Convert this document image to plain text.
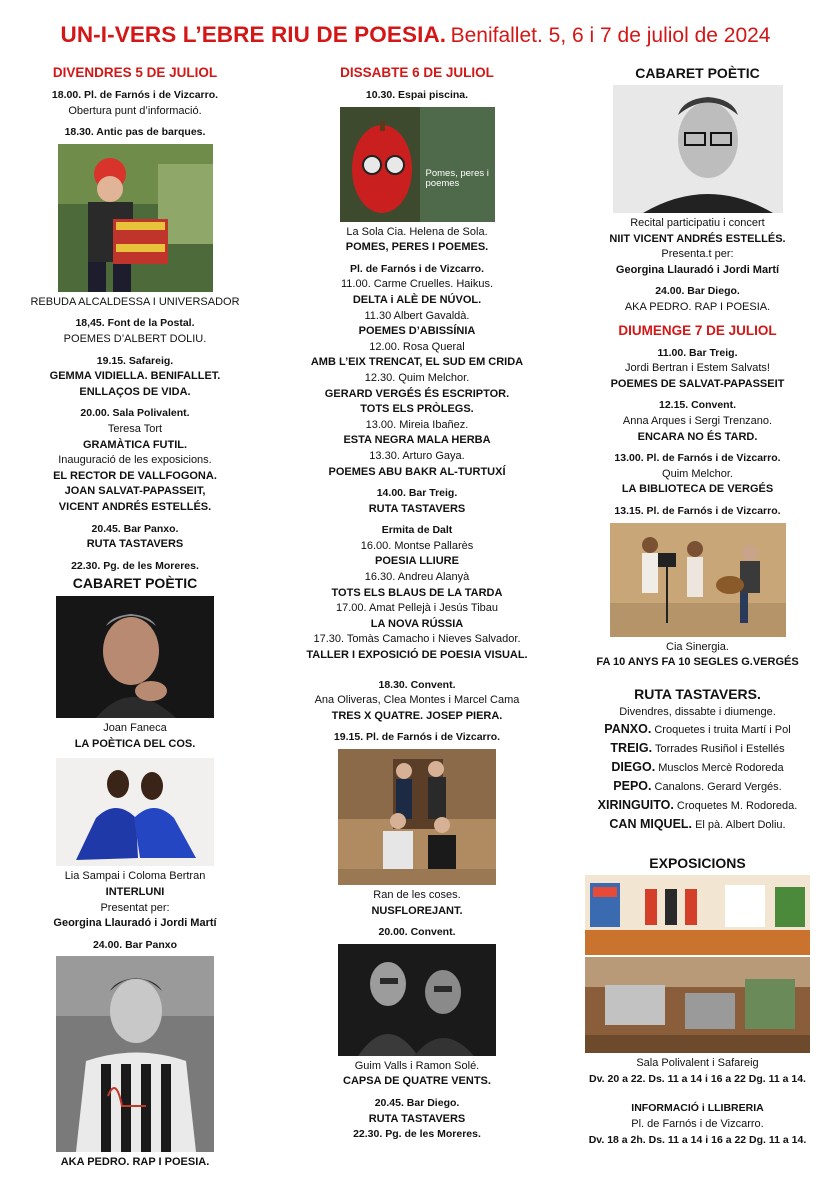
UN-I-VERS L’EBRE RIU DE POESIA. Benifallet. 5, 6 i 7 de juliol de 2024
DIVENDRES 5 DE JULIOL
18.00. Pl. de Farnós i de Vizcarro.
Obertura punt d’informació.
18.30. Antic pas de barques.
REBUDA ALCALDESSA I UNIVERSADOR
18,45. Font de la Postal.
POEMES D’ALBERT DOLIU.
19.15. Safareig.
GEMMA VIDIELLA. BENIFALLET.
ENLLAÇOS DE VIDA.
20.00. Sala Polivalent.
Teresa Tort
GRAMÀTICA FUTIL.
Inauguració de les exposicions.
EL RECTOR DE VALLFOGONA.
JOAN SALVAT-PAPASSEIT,
VICENT ANDRÉS ESTELLÉS.
20.45. Bar Panxo.
RUTA TASTAVERS
22.30. Pg. de les Moreres.
CABARET POÈTIC
Joan Faneca
LA POÈTICA DEL COS.
Lia Sampai i Coloma Bertran
INTERLUNI
Presentat per:
Georgina Llauradó i Jordi Martí
24.00. Bar Panxo
AKA PEDRO. RAP I POESIA.
DISSABTE 6 DE JULIOL
10.30. Espai piscina.
Pomes, peres i poemes
La Sola Cia. Helena de Sola.
POMES, PERES I POEMES.
Pl. de Farnós i de Vizcarro.
11.00. Carme Cruelles. Haikus.
DELTA i ALÈ DE NÚVOL.
11.30 Albert Gavaldà.
POEMES D’ABISSÍNIA
12.00. Rosa Queral
AMB L’EIX TRENCAT, EL SUD EM CRIDA
12.30. Quim Melchor.
GERARD VERGÉS ÉS ESCRIPTOR.
TOTS ELS PRÒLEGS.
13.00. Mireia Ibañez.
ESTA NEGRA MALA HERBA
13.30. Arturo Gaya.
POEMES ABU BAKR AL-TURTUXÍ
14.00. Bar Treig.
RUTA TASTAVERS
Ermita de Dalt
16.00. Montse Pallarès
POESIA LLIURE
16.30. Andreu Alanyà
TOTS ELS BLAUS DE LA TARDA
17.00. Amat Pellejà i Jesús Tibau
LA NOVA RÚSSIA
17.30. Tomàs Camacho i Nieves Salvador.
TALLER I EXPOSICIÓ DE POESIA VISUAL.
18.30. Convent.
Ana Oliveras, Clea Montes i Marcel Cama
TRES X QUATRE. JOSEP PIERA.
19.15. Pl. de Farnós i de Vizcarro.
Ran de les coses.
NUSFLOREJANT.
20.00. Convent.
Guim Valls i Ramon Solé.
CAPSA DE QUATRE VENTS.
20.45. Bar Diego.
RUTA TASTAVERS
22.30. Pg. de les Moreres.
CABARET POÈTIC
Recital participatiu i concert
NIIT VICENT ANDRÉS ESTELLÉS.
Presenta.t per:
Georgina Llauradó i Jordi Martí
24.00. Bar Diego.
AKA PEDRO. RAP I POESIA.
DIUMENGE 7 DE JULIOL
11.00. Bar Treig.
Jordi Bertran i Estem Salvats!
POEMES DE SALVAT-PAPASSEIT
12.15. Convent.
Anna Arques i Sergi Trenzano.
ENCARA NO ÉS TARD.
13.00. Pl. de Farnós i de Vizcarro.
Quim Melchor.
LA BIBLIOTECA DE VERGÉS
13.15. Pl. de Farnós i de Vizcarro.
Cia Sinergia.
FA 10 ANYS FA 10 SEGLES G.VERGÉS
RUTA TASTAVERS.
Divendres, dissabte i diumenge.
PANXO. Croquetes i truita Martí i Pol
TREIG. Torrades Rusiñol i Estellés
DIEGO. Musclos Mercè Rodoreda
PEPO. Canalons. Gerard Vergés.
XIRINGUITO. Croquetes M. Rodoreda.
CAN MIQUEL. El pà. Albert Doliu.
EXPOSICIONS
Sala Polivalent i Safareig
Dv. 20 a 22. Ds. 11 a 14 i 16 a 22 Dg. 11 a 14.
INFORMACIÓ i LLIBRERIA
Pl. de Farnós i de Vizcarro.
Dv. 18 a 2h. Ds. 11 a 14 i 16 a 22 Dg. 11 a 14.
